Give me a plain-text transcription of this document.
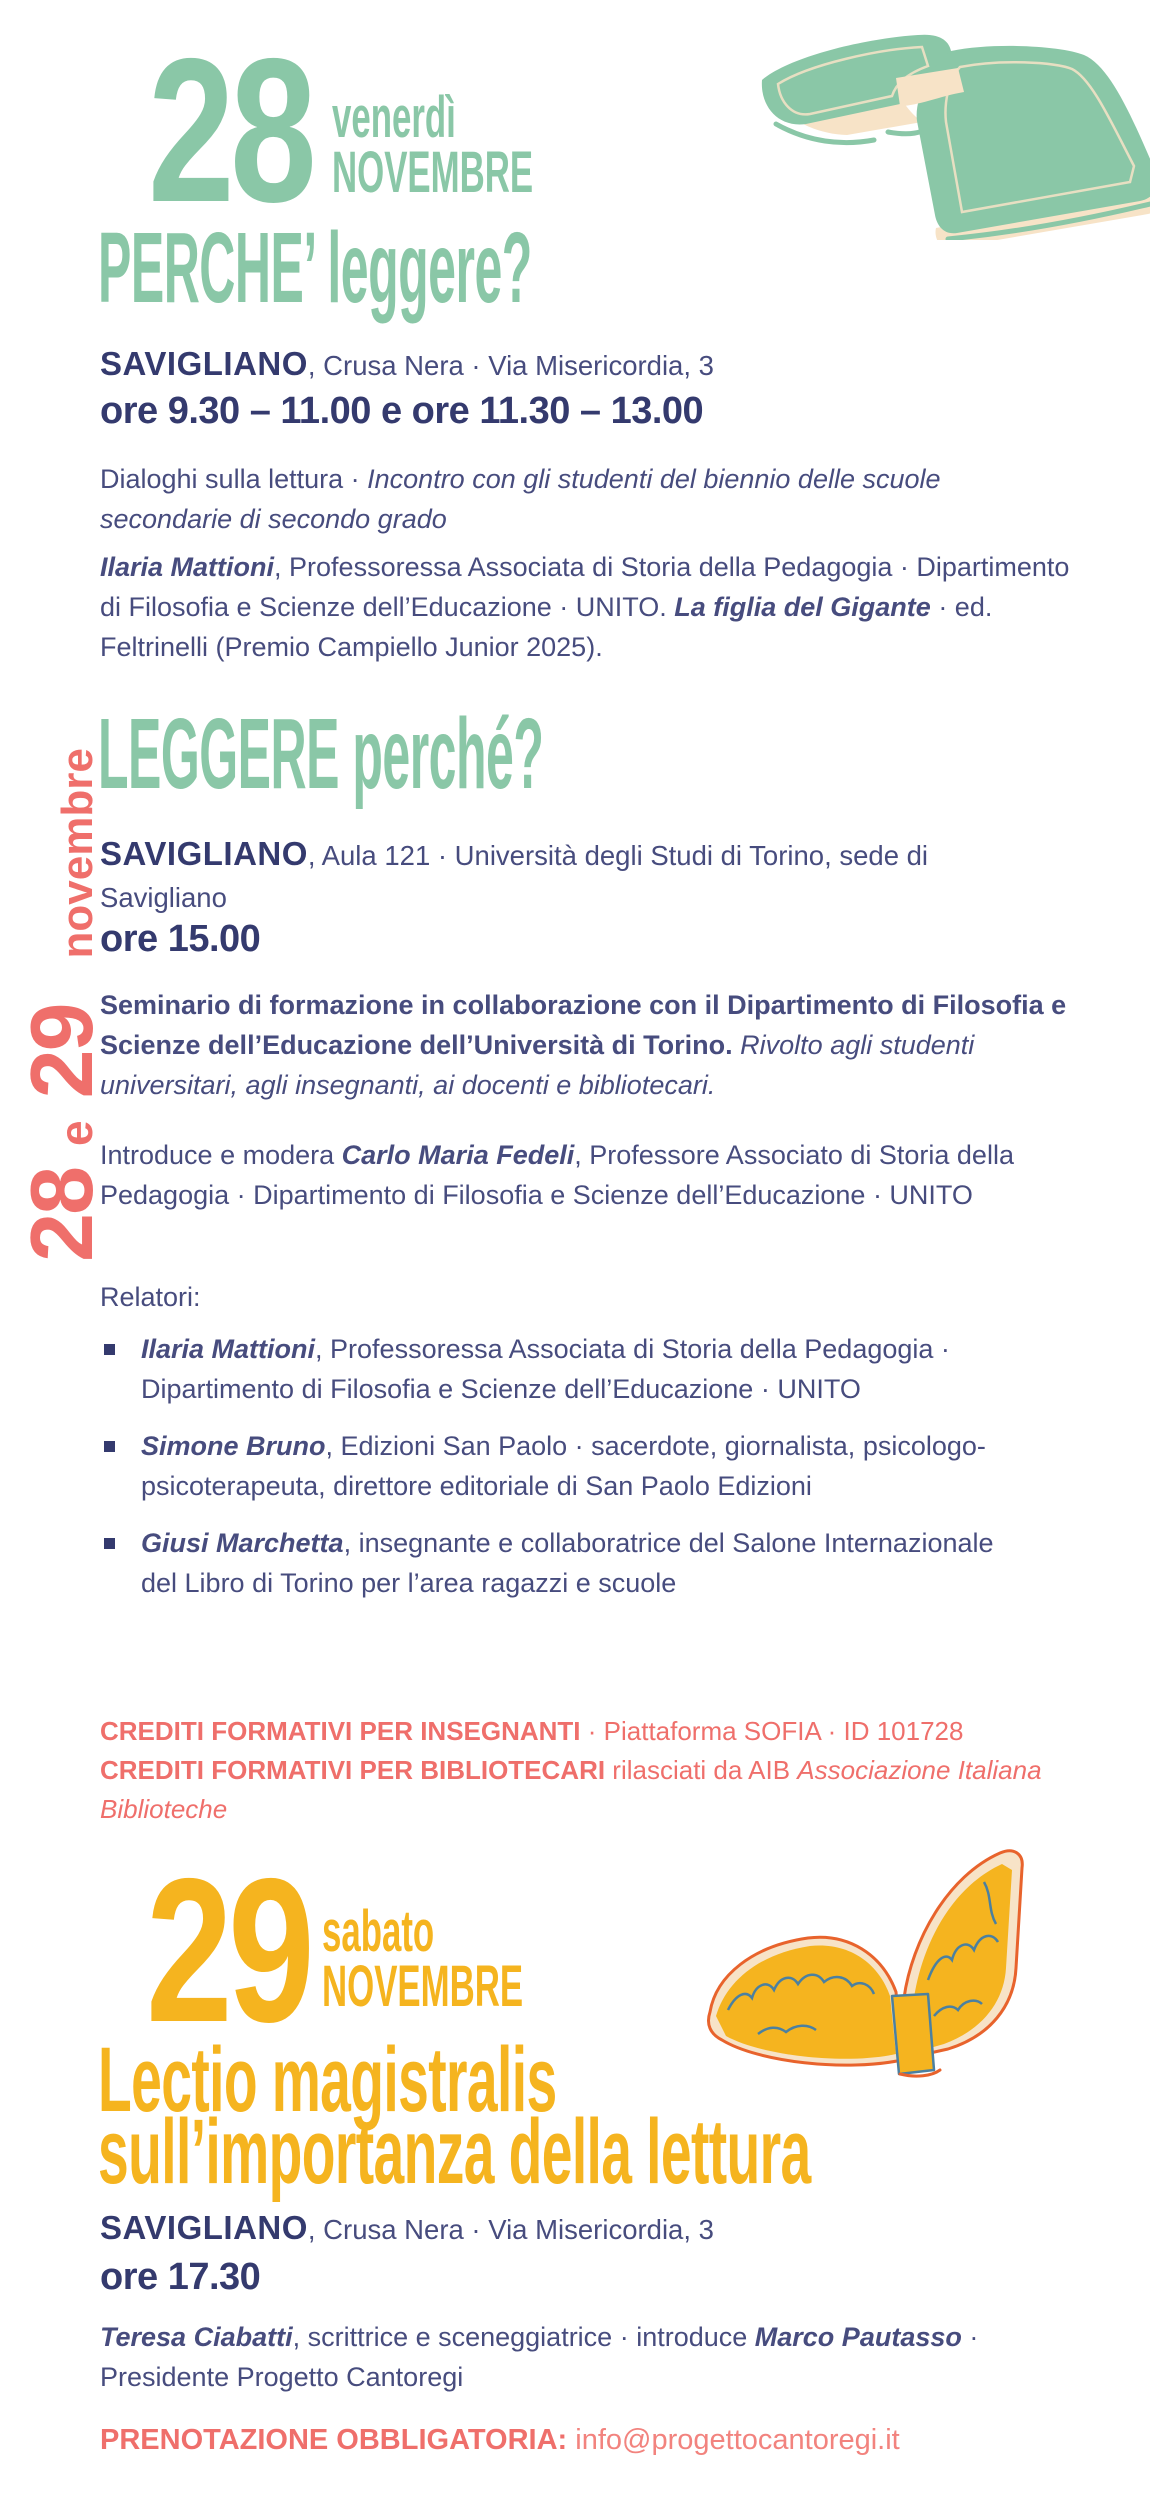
28
e
29
novembre
28 venerdì
NOVEMBRE
PERCHE’ leggere?
SAVIGLIANO, Crusa Nera · Via Misericordia, 3
ore 9.30 – 11.00 e ore 11.30 – 13.00
Dialoghi sulla lettura · Incontro con gli studenti del biennio delle scuole secondarie di secondo grado
Ilaria Mattioni, Professoressa Associata di Storia della Pedagogia · Dipartimento di Filosofia e Scienze dell’Educazione · UNITO. La figlia del Gigante · ed. Feltrinelli (Premio Campiello Junior 2025).
LEGGERE perché?
SAVIGLIANO, Aula 121 · Università degli Studi di Torino, sede di Savigliano
ore 15.00
Seminario di formazione in collaborazione con il Dipartimento di Filosofia e Scienze dell’Educazione dell’Università di Torino. Rivolto agli studenti universitari, agli insegnanti, ai docenti e bibliotecari.
Introduce e modera Carlo Maria Fedeli, Professore Associato di Storia della Pedagogia · Dipartimento di Filosofia e Scienze dell’Educazione · UNITO
Relatori:
Ilaria Mattioni, Professoressa Associata di Storia della Pedagogia · Dipartimento di Filosofia e Scienze dell’Educazione · UNITO
Simone Bruno, Edizioni San Paolo · sacerdote, giornalista, psicologo-psicoterapeuta, direttore editoriale di San Paolo Edizioni
Giusi Marchetta, insegnante e collaboratrice del Salone Internazionale del Libro di Torino per l’area ragazzi e scuole
CREDITI FORMATIVI PER INSEGNANTI · Piattaforma SOFIA · ID 101728
CREDITI FORMATIVI PER BIBLIOTECARI rilasciati da AIB Associazione Italiana Biblioteche
29 sabato
NOVEMBRE
Lectio magistralis
sull’importanza della lettura
SAVIGLIANO, Crusa Nera · Via Misericordia, 3
ore 17.30
Teresa Ciabatti, scrittrice e sceneggiatrice · introduce Marco Pautasso · Presidente Progetto Cantoregi
PRENOTAZIONE OBBLIGATORIA: info@progettocantoregi.it
